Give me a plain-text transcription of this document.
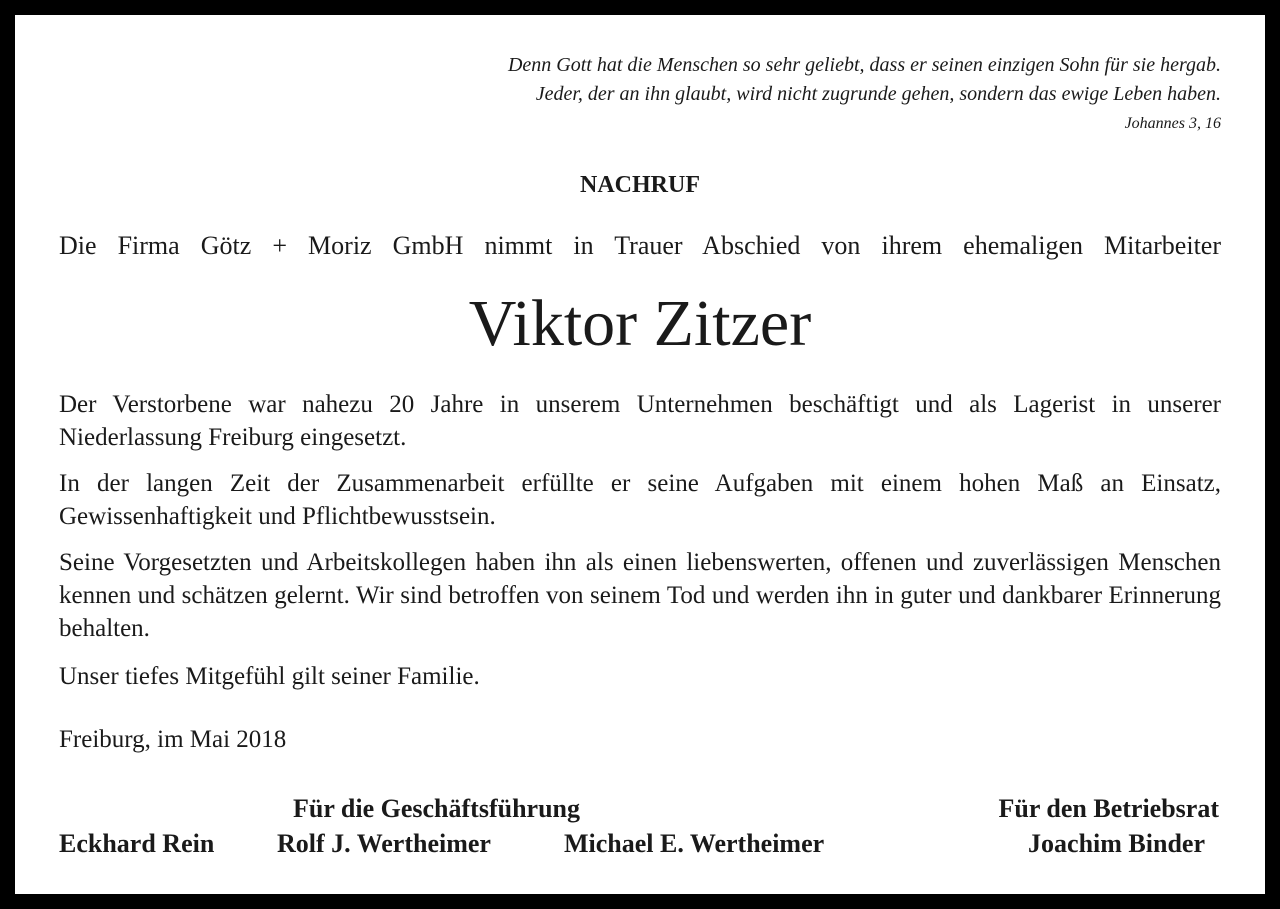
Denn Gott hat die Menschen so sehr geliebt, dass er seinen einzigen Sohn für sie hergab.
Jeder, der an ihn glaubt, wird nicht zugrunde gehen, sondern das ewige Leben haben.
Johannes 3, 16
NACHRUF
Die Firma Götz + Moriz GmbH nimmt in Trauer Abschied von ihrem ehemaligen Mitarbeiter
Viktor Zitzer
Der Verstorbene war nahezu 20 Jahre in unserem Unternehmen beschäftigt und als Lagerist in unserer Niederlassung Freiburg eingesetzt.
In der langen Zeit der Zusammenarbeit erfüllte er seine Aufgaben mit einem hohen Maß an Einsatz, Gewissenhaftigkeit und Pflichtbewusstsein.
Seine Vorgesetzten und Arbeitskollegen haben ihn als einen liebenswerten, offenen und zuverlässigen Menschen kennen und schätzen gelernt. Wir sind betroffen von seinem Tod und werden ihn in guter und dankbarer Erinnerung behalten.
Unser tiefes Mitgefühl gilt seiner Familie.
Freiburg, im Mai 2018
Für die Geschäftsführung	Für den Betriebsrat
Eckhard Rein Rolf J. Wertheimer	Michael E. Wertheimer	Joachim Binder
